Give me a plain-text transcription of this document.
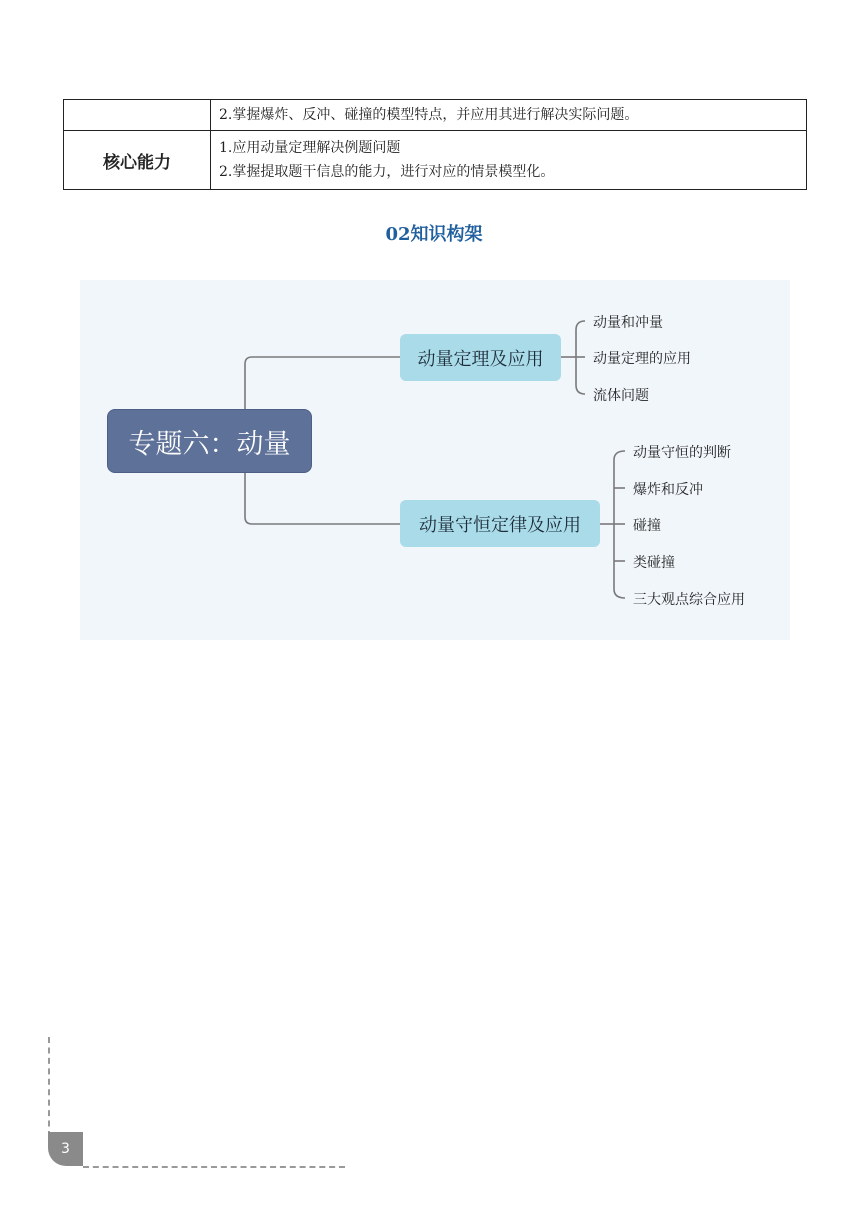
	2.掌握爆炸、反冲、碰撞的模型特点，并应用其进行解决实际问题。

核心能力	1.应用动量定理解决例题问题
2.掌握提取题干信息的能力，进行对应的情景模型化。
02知识构架
专题六：动量
动量定理及应用
动量守恒定律及应用
动量和冲量
动量定理的应用
流体问题
动量守恒的判断
爆炸和反冲
碰撞
类碰撞
三大观点综合应用
3
